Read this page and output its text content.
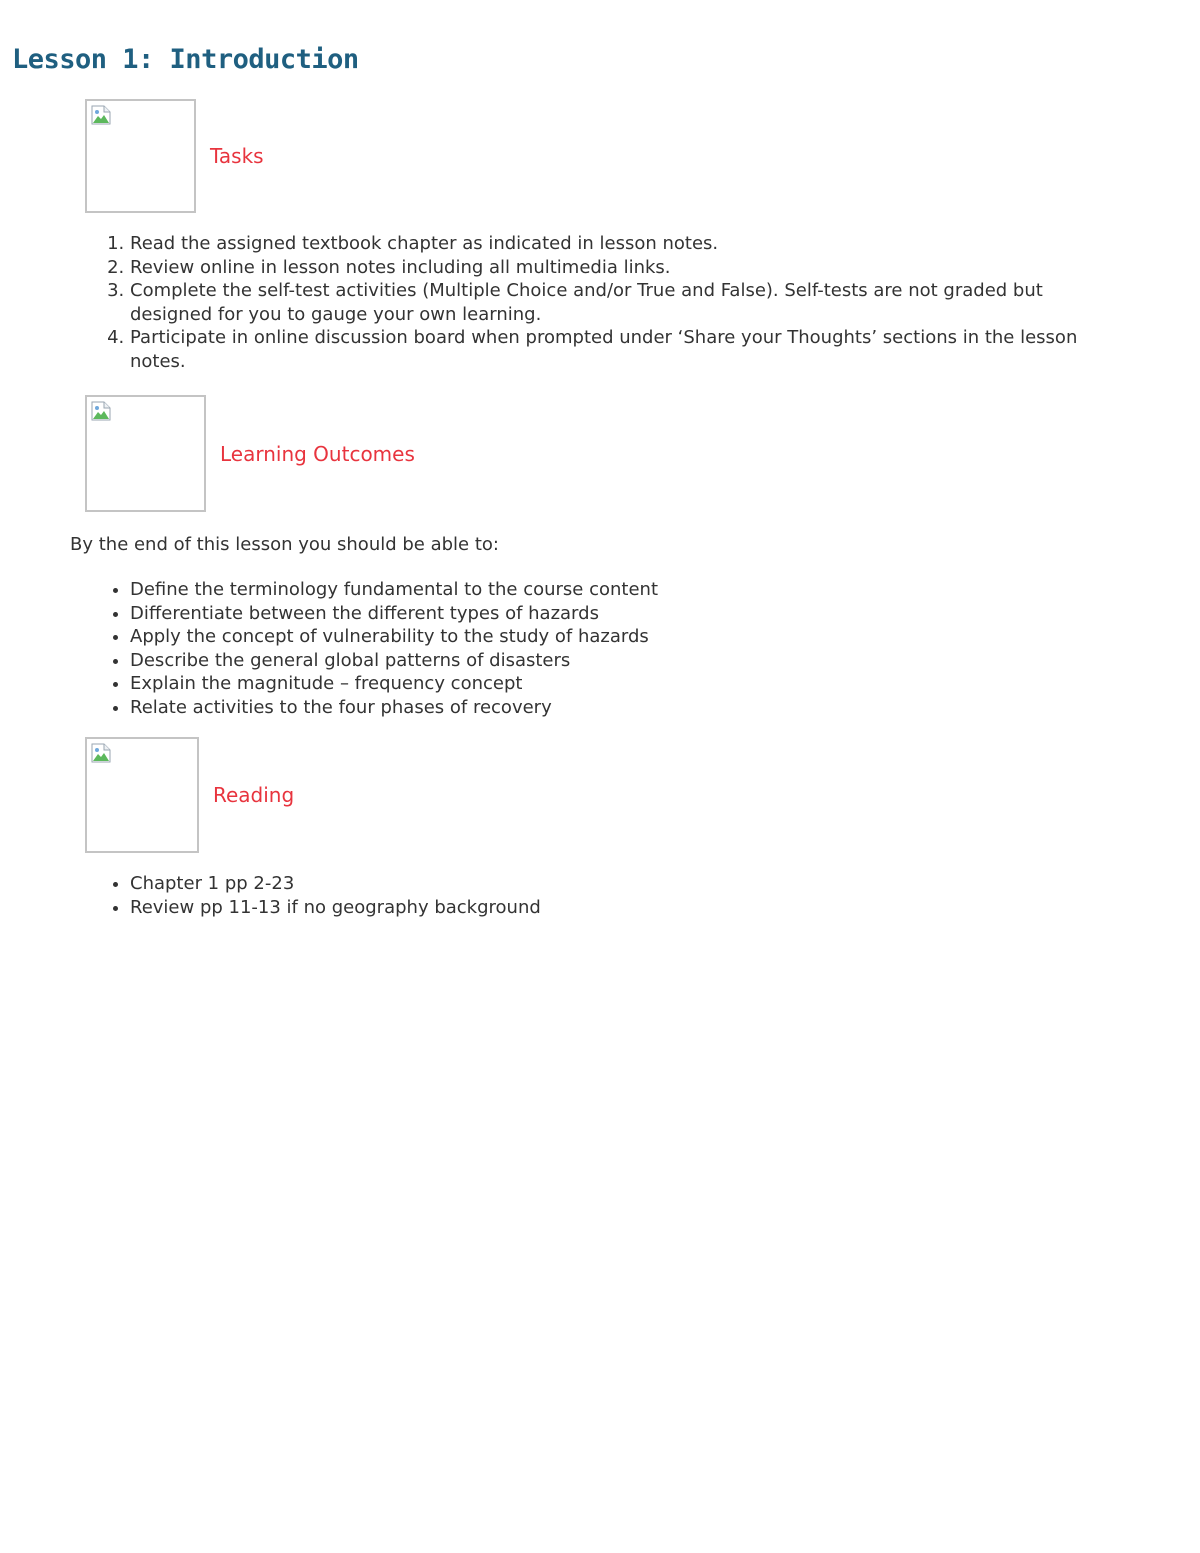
Lesson 1: Introduction
Tasks
1. Read the assigned textbook chapter as indicated in lesson notes.
2. Review online in lesson notes including all multimedia links.
3. Complete the self-test activities (Multiple Choice and/or True and False). Self-tests are not graded but designed for you to gauge your own learning.
4. Participate in online discussion board when prompted under ‘Share your Thoughts’ sections in the lesson notes.
Learning Outcomes

By the end of this lesson you should be able to:

• Define the terminology fundamental to the course content
• Differentiate between the different types of hazards
• Apply the concept of vulnerability to the study of hazards
• Describe the general global patterns of disasters
• Explain the magnitude – frequency concept
• Relate activities to the four phases of recovery
Reading
• Chapter 1 pp 2-23
• Review pp 11-13 if no geography background
